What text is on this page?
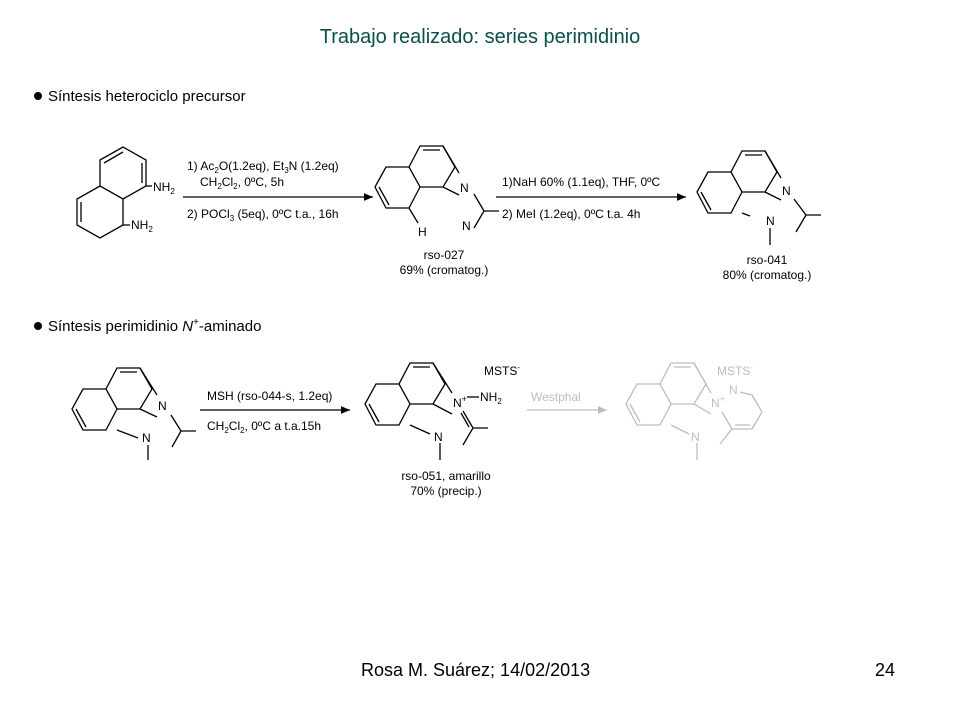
Trabajo realizado: series perimidinio
Síntesis heterociclo precursor
Síntesis perimidinio N+-aminado
$NH_2$
$NH_2$
1) $Ac_2O(1.2eq)$, $Et_3N$ (1.2eq)
$CH_2Cl_2$, 0ºC, 5h
2) POCl$_3$ (5eq), 0ºC t.a., 16h
N
N
H
rso-027
69% (cromatog.)
1)NaH 60% (1.1eq), THF, 0ºC
2) MeI (1.2eq), 0ºC t.a. 4h
N
N
rso-041
80% (cromatog.)
N
N
MSH (rso-044-s, 1.2eq)
$CH_2Cl_2$, 0ºC a t.a.15h
MSTS-
N+ $NH_2$
N
rso-051, amarillo
70% (precip.)
Westphal
MSTS-
N+
N
N
Rosa M. Suárez; 14/02/2013	24
